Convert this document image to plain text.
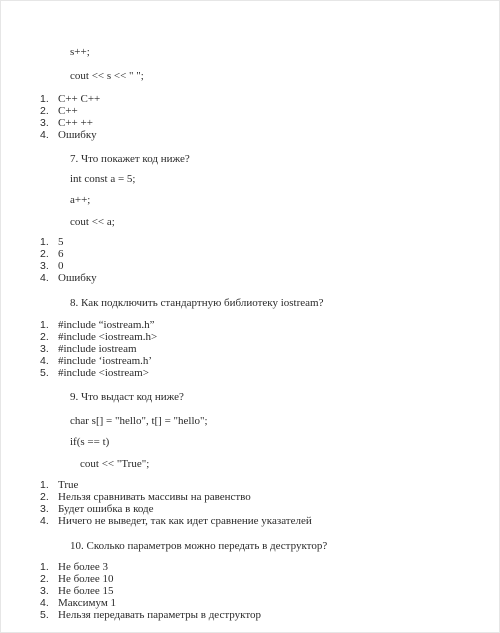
s++;
cout << s << " ";
1. C++ C++
2. C++
3. C++ ++
4. Ошибку
7. Что покажет код ниже?
int const a = 5;
a++;
cout << a;
1. 5
2. 6
3. 0
4. Ошибку
8. Как подключить стандартную библиотеку iostream?
1. #include “iostream.h”
2. #include <iostream.h>
3. #include iostream
4. #include ‘iostream.h’
5. #include <iostream>
9. Что выдаст код ниже?
char s[] = "hello", t[] = "hello";
if(s == t)
cout << "True";
1. True
2. Нельзя сравнивать массивы на равенство
3. Будет ошибка в коде
4. Ничего не выведет, так как идет сравнение указателей
10. Сколько параметров можно передать в деструктор?
1. Не более 3
2. Не более 10
3. Не более 15
4. Максимум 1
5. Нельзя передавать параметры в деструктор
